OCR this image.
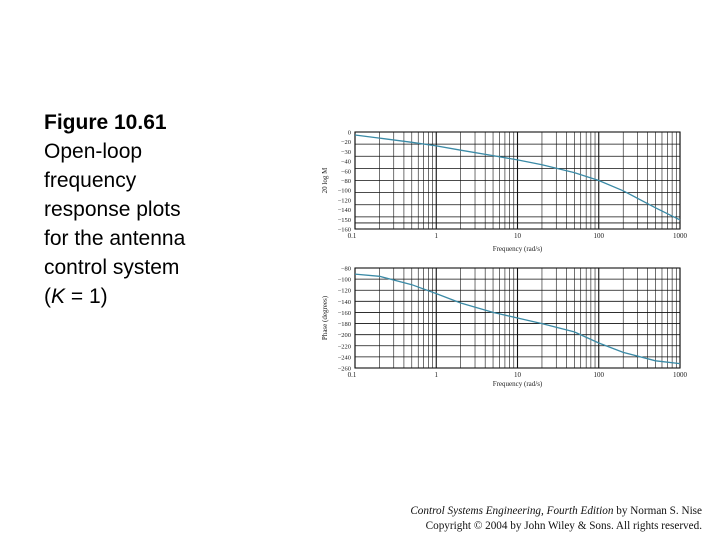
Figure 10.61
Open-loop
frequency
response plots
for the antenna
control system
(K = 1)
0
−20
−30
−40
−60
−80
−100
−120
−140
−150
−160
0.1	1	10	100	1000
Frequency (rad/s)
20 log M
−80
−100
−120
−140
−160
−180
−200
−220
−240
−260
0.1	1	10	100	1000
Frequency (rad/s)
Phase (degrees)
Control Systems Engineering, Fourth Edition by Norman S. Nise
Copyright © 2004 by John Wiley & Sons. All rights reserved.
